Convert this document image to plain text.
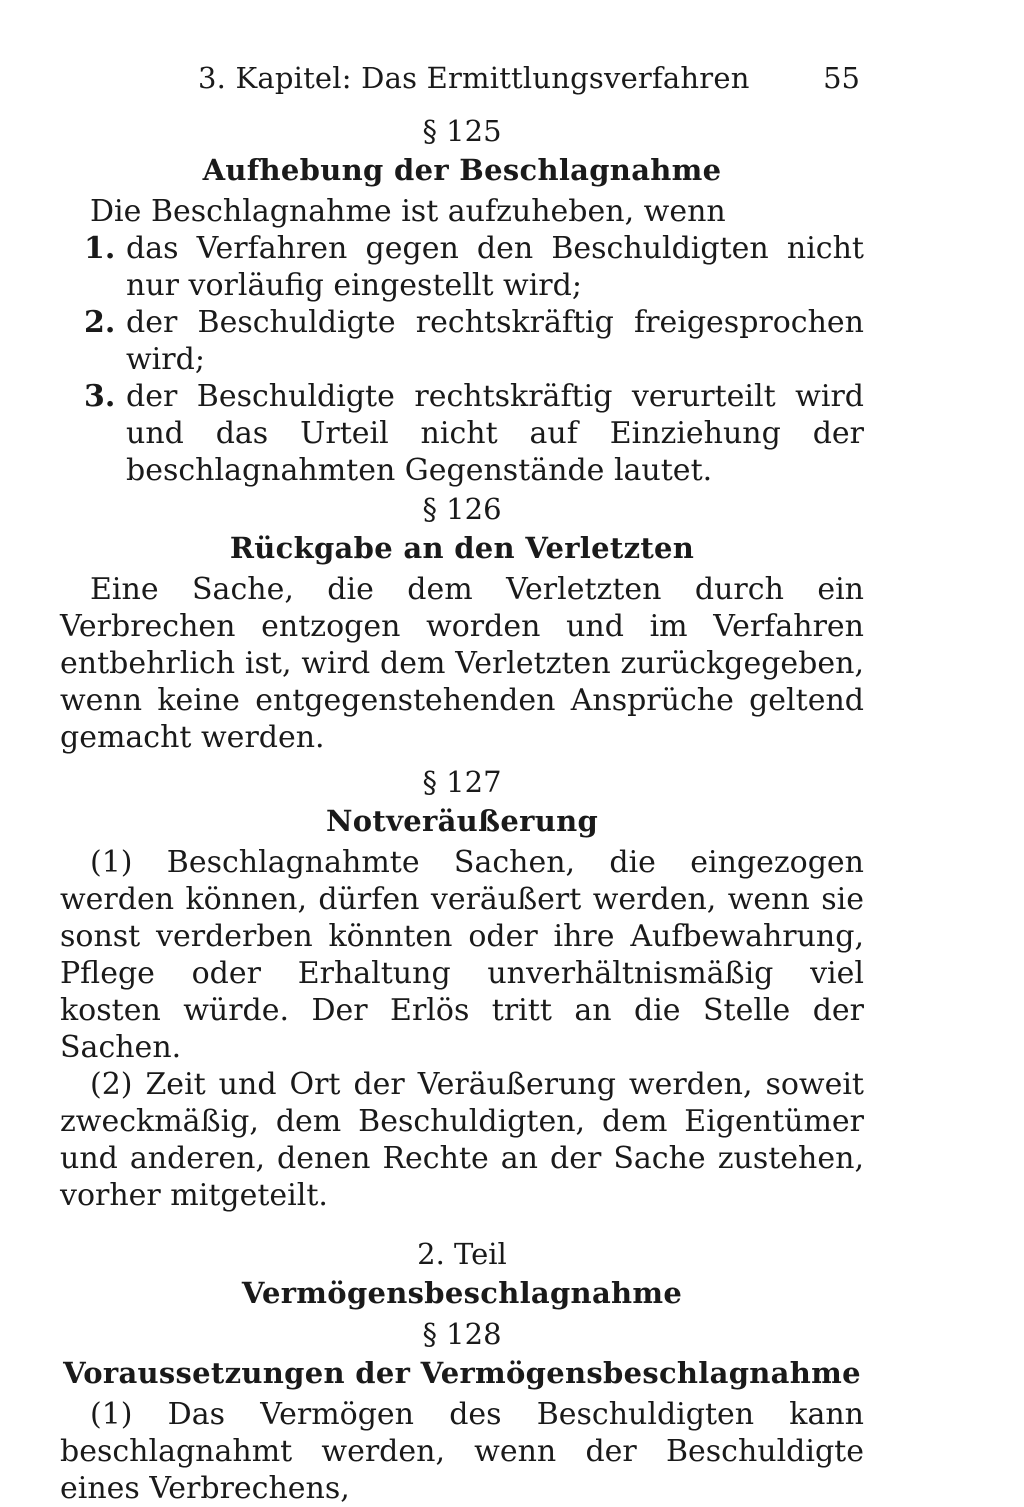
3. Kapitel: Das Ermittlungsverfahren	55
§ 125
Aufhebung der Beschlagnahme

Die Beschlagnahme ist aufzuheben, wenn

1. das Verfahren gegen den Beschuldigten nicht nur vorläufig eingestellt wird;
2. der Beschuldigte rechtskräftig freigesprochen wird;
3. der Beschuldigte rechtskräftig verurteilt wird und das Urteil nicht auf Einziehung der beschlagnahmten Gegenstände lautet.
§ 126
Rückgabe an den Verletzten

Eine Sache, die dem Verletzten durch ein Verbrechen entzogen worden und im Verfahren entbehrlich ist, wird dem Verletzten zurückgegeben, wenn keine entgegenstehenden Ansprüche geltend gemacht werden.

§ 127
Notveräußerung

(1) Beschlagnahmte Sachen, die eingezogen werden können, dürfen veräußert werden, wenn sie sonst verderben könnten oder ihre Aufbewahrung, Pflege oder Erhaltung unverhältnismäßig viel kosten würde. Der Erlös tritt an die Stelle der Sachen.

(2) Zeit und Ort der Veräußerung werden, soweit zweckmäßig, dem Beschuldigten, dem Eigentümer und anderen, denen Rechte an der Sache zustehen, vorher mitgeteilt.

2. Teil
Vermögensbeschlagnahme
§ 128
Voraussetzungen der Vermögensbeschlagnahme

(1) Das Vermögen des Beschuldigten kann beschlagnahmt werden, wenn der Beschuldigte eines Verbrechens,
